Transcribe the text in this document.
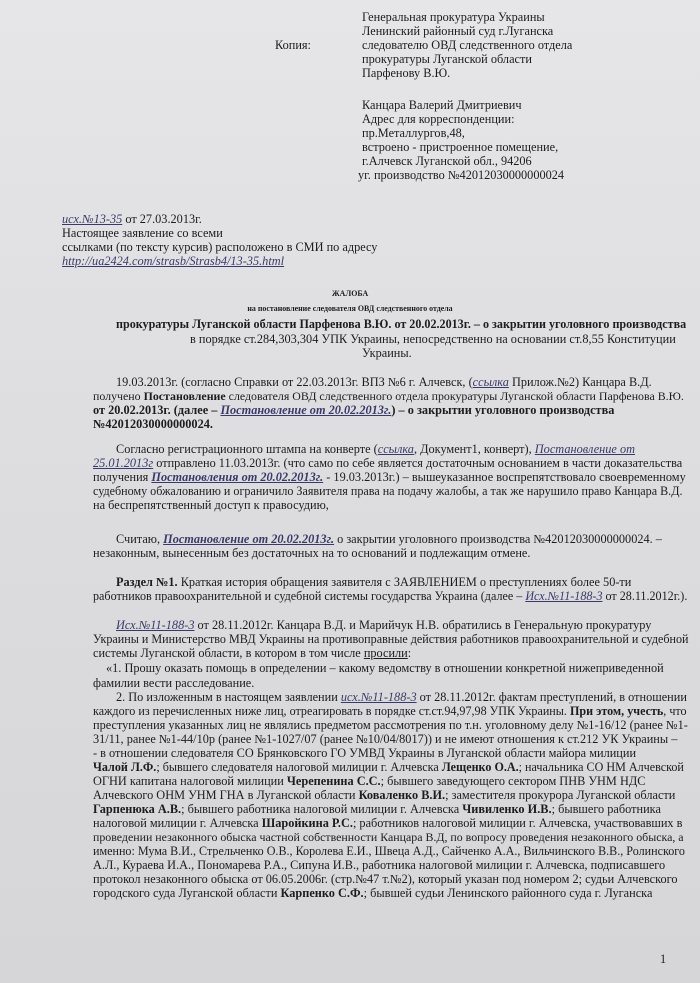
Копия:
Генеральная прокуратура Украины
Ленинский районный суд г.Луганска
следователю ОВД следственного отдела
прокуратуры Луганской области
Парфенову В.Ю.
Канцара Валерий Дмитриевич
Адрес для корреспонденции:
пр.Металлургов,48,
встроено - пристроенное помещение,
г.Алчевск Луганской обл., 94206
уг. производство №42012030000000024
исх.№13-35 от 27.03.2013г.
Настоящее заявление со всеми
ссылками (по тексту курсив) расположено в СМИ по адресу
http://ua2424.com/strasb/Strasb4/13-35.html
ЖАЛОБА
на постановление следователя ОВД следственного отдела
прокуратуры Луганской области Парфенова В.Ю. от 20.02.2013г. – о закрытии уголовного производства
в порядке ст.284,303,304 УПК Украины, непосредственно на основании ст.8,55 Конституции
Украины.
19.03.2013г. (согласно Справки от 22.03.2013г. ВПЗ №6 г. Алчевск, (ссылка Прилож.№2) Канцара В.Д.
получено Постановление следователя ОВД следственного отдела прокуратуры Луганской области Парфенова В.Ю.
от 20.02.2013г. (далее – Постановление от 20.02.2013г.) – о закрытии уголовного производства
№42012030000000024.
Согласно регистрационного штампа на конверте (ссылка, Документ1, конверт), Постановление от
25.01.2013г отправлено 11.03.2013г. (что само по себе является достаточным основанием в части доказательства
получения Постановления от 20.02.2013г. - 19.03.2013г.) – вышеуказанное воспрепятствовало своевременному
судебному обжалованию и ограничило Заявителя права на подачу жалобы, а так же нарушило право Канцара В.Д.
на беспрепятственный доступ к правосудию,
Считаю, Постановление от 20.02.2013г. о закрытии уголовного производства №42012030000000024. –
незаконным, вынесенным без достаточных на то оснований и подлежащим отмене.
Раздел №1. Краткая история обращения заявителя с ЗАЯВЛЕНИЕМ о преступлениях более 50-ти
работников правоохранительной и судебной системы государства Украина (далее – Исх.№11-188-3 от 28.11.2012г.).
Исх.№11-188-3 от 28.11.2012г. Канцара В.Д. и Марийчук Н.В. обратились в Генеральную прокуратуру
Украины и Министерство МВД Украины на противоправные действия работников правоохранительной и судебной
системы Луганской области, в котором в том числе просили:
«1. Прошу оказать помощь в определении – какому ведомству в отношении конкретной нижеприведенной
фамилии вести расследование.
2. По изложенным в настоящем заявлении исх.№11-188-3 от 28.11.2012г. фактам преступлений, в отношении
каждого из перечисленных ниже лиц, отреагировать в порядке ст.ст.94,97,98 УПК Украины. При этом, учесть, что
преступления указанных лиц не являлись предметом рассмотрения по т.н. уголовному делу №1-16/12 (ранее №1-
31/11, ранее №1-44/10р (ранее №1-1027/07 (ранее №10/04/8017)) и не имеют отношения к ст.212 УК Украины –
- в отношении следователя СО Брянковского ГО УМВД Украины в Луганской области майора милиции
Чалой Л.Ф.; бывшего следователя налоговой милиции г. Алчевска Лещенко О.А.; начальника СО НМ Алчевской
ОГНИ капитана налоговой милиции Черепенина С.С.; бывшего заведующего сектором ПНВ УНМ НДС
Алчевского ОНМ УНМ ГНА в Луганской области Коваленко В.И.; заместителя прокурора Луганской области
Гарпенюка А.В.; бывшего работника налоговой милиции г. Алчевска Чивиленко И.В.; бывшего работника
налоговой милиции г. Алчевска Шаройкина Р.С.; работников налоговой милиции г. Алчевска, участвовавших в
проведении незаконного обыска частной собственности Канцара В.Д, по вопросу проведения незаконного обыска, а
именно: Мума В.И., Стрельченко О.В., Королева Е.И., Швеца А.Д., Сайченко А.А., Вильчинского В.В., Ролинского
А.Л., Кураева И.А., Пономарева Р.А., Сипуна И.В., работника налоговой милиции г. Алчевска, подписавшего
протокол незаконного обыска от 06.05.2006г. (стр.№47 т.№2), который указан под номером 2; судьи Алчевского
городского суда Луганской области Карпенко С.Ф.; бывшей судьи Ленинского районного суда г. Луганска
1
